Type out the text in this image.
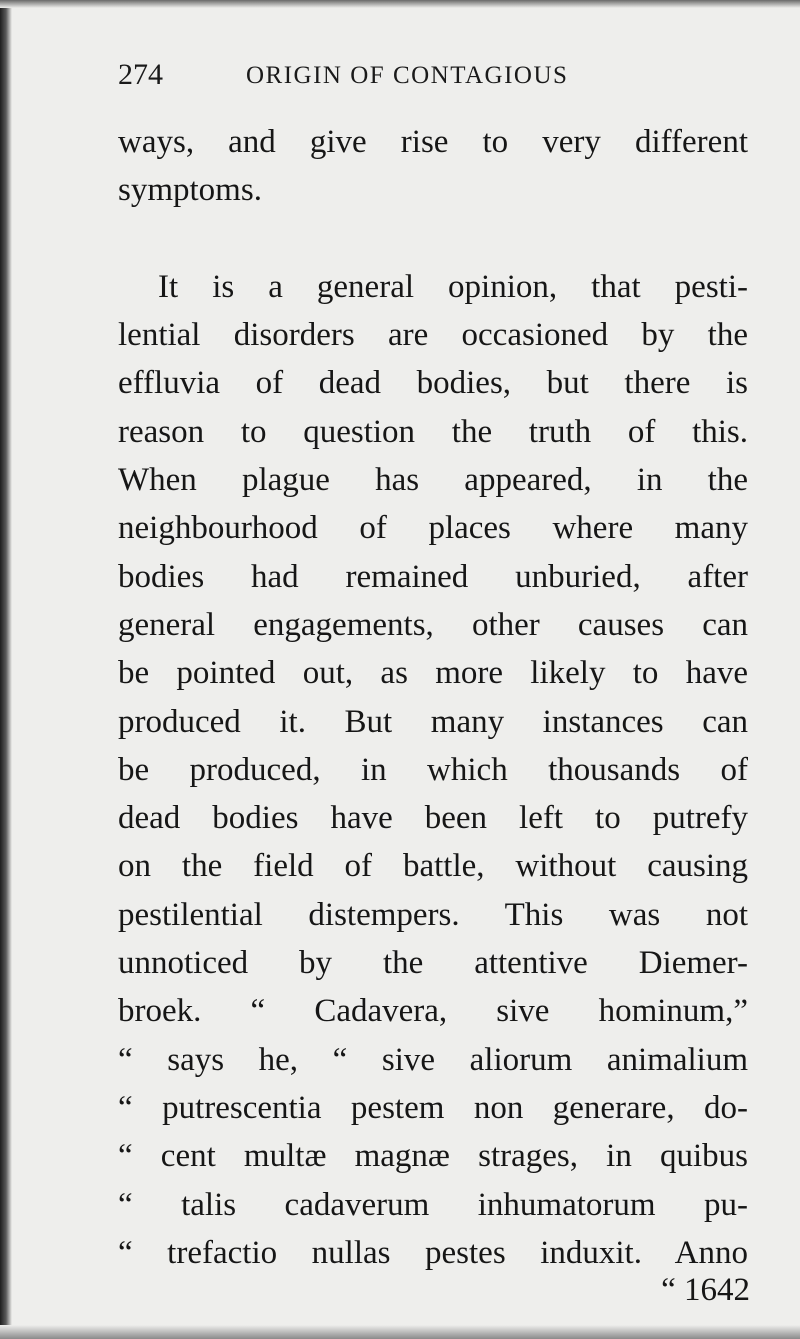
274	ORIGIN OF CONTAGIOUS
ways, and give rise to very different
symptoms.
It is a general opinion, that pesti-
lential disorders are occasioned by the
effluvia of dead bodies, but there is
reason to question the truth of this.
When plague has appeared, in the
neighbourhood of places where many
bodies had remained unburied, after
general engagements, other causes can
be pointed out, as more likely to have
produced it. But many instances can
be produced, in which thousands of
dead bodies have been left to putrefy
on the field of battle, without causing
pestilential distempers. This was not
unnoticed by the attentive Diemer-
broek. “ Cadavera, sive hominum,”
“ says he, “ sive aliorum animalium
“ putrescentia pestem non generare, do-
“ cent multæ magnæ strages, in quibus
“ talis cadaverum inhumatorum pu-
“ trefactio nullas pestes induxit. Anno
“ 1642
